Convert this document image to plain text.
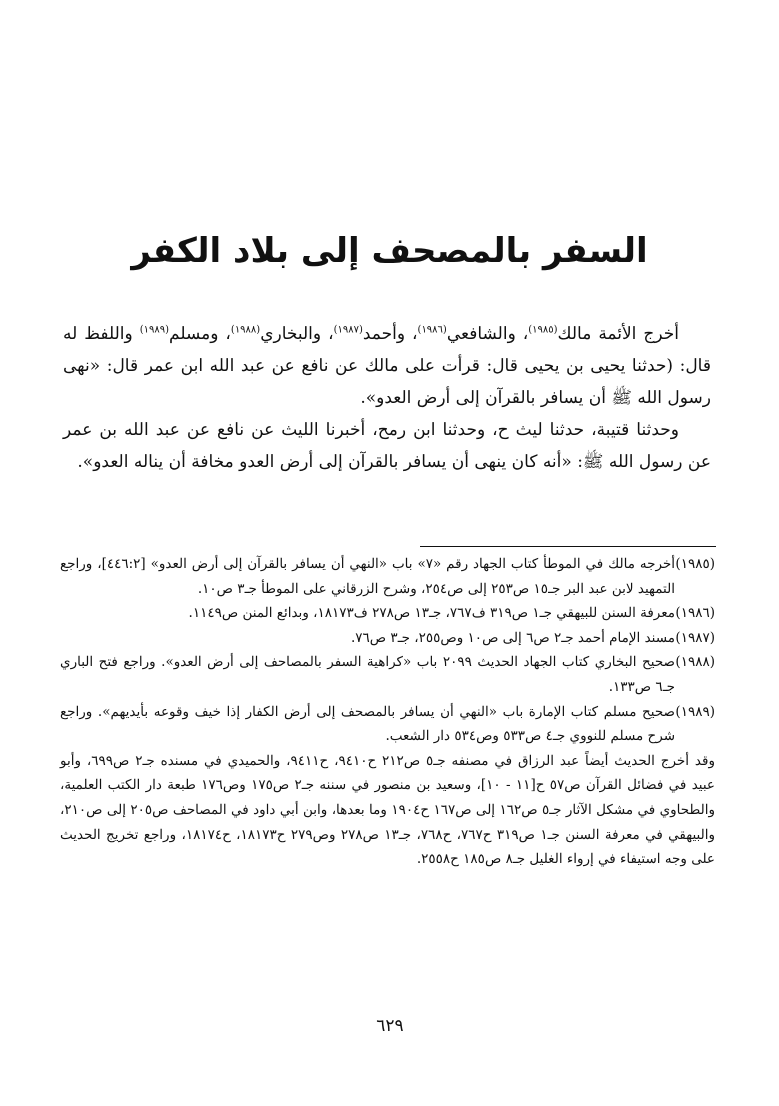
السفر بالمصحف إلى بلاد الكفر

أخرج الأئمة مالك$^{(١٩٨٥)}$، والشافعي$^{(١٩٨٦)}$، وأحمد$^{(١٩٨٧)}$، والبخاري$^{(١٩٨٨)}$، ومسلم$^{(١٩٨٩)}$ واللفظ له قال: (حدثنا يحيى بن يحيى قال: قرأت على مالك عن نافع عن عبد الله ابن عمر قال: «نهى رسول الله ﷺ أن يسافر بالقرآن إلى أرض العدو».

وحدثنا قتيبة، حدثنا ليث ح، وحدثنا ابن رمح، أخبرنا الليث عن نافع عن عبد الله بن عمر عن رسول الله ﷺ: «أنه كان ينهى أن يسافر بالقرآن إلى أرض العدو مخافة أن يناله العدو».

(١٩٨٥)أخرجه مالك في الموطأ كتاب الجهاد رقم «٧» باب «النهي أن يسافر بالقرآن إلى أرض العدو» [٤٤٦:٢]، وراجع التمهيد لابن عبد البر جـ١٥ ص٢٥٣ إلى ص٢٥٤، وشرح الزرقاني على الموطأ جـ٣ ص١٠.

(١٩٨٦)معرفة السنن للبيهقي جـ١ ص٣١٩ ف٧٦٧، جـ١٣ ص٢٧٨ ف١٨١٧٣، وبدائع المنن ص١١٤٩.

(١٩٨٧)مسند الإمام أحمد جـ٢ ص٦ إلى ص١٠ وص٢٥٥، جـ٣ ص٧٦.

(١٩٨٨)صحيح البخاري كتاب الجهاد الحديث ٢٠٩٩ باب «كراهية السفر بالمصاحف إلى أرض العدو». وراجع فتح الباري جـ٦ ص١٣٣.

(١٩٨٩)صحيح مسلم كتاب الإمارة باب «النهي أن يسافر بالمصحف إلى أرض الكفار إذا خيف وقوعه بأيديهم». وراجع شرح مسلم للنووي جـ٤ ص٥٣٣ وص٥٣٤ دار الشعب.

وقد أخرج الحديث أيضاً عبد الرزاق في مصنفه جـ٥ ص٢١٢ ح٩٤١٠، ح٩٤١١، والحميدي في مسنده جـ٢ ص٦٩٩، وأبو عبيد في فضائل القرآن ص٥٧ ح[١١ - ١٠]، وسعيد بن منصور في سننه جـ٢ ص١٧٥ وص١٧٦ طبعة دار الكتب العلمية، والطحاوي في مشكل الآثار جـ٥ ص١٦٢ إلى ص١٦٧ ح١٩٠٤ وما بعدها، وابن أبي داود في المصاحف ص٢٠٥ إلى ص٢١٠، والبيهقي في معرفة السنن جـ١ ص٣١٩ ح٧٦٧، ح٧٦٨، جـ١٣ ص٢٧٨ وص٢٧٩ ح١٨١٧٣، ح١٨١٧٤، وراجع تخريج الحديث على وجه استيفاء في إرواء الغليل جـ٨ ص١٨٥ ح٢٥٥٨.

٦٢٩
